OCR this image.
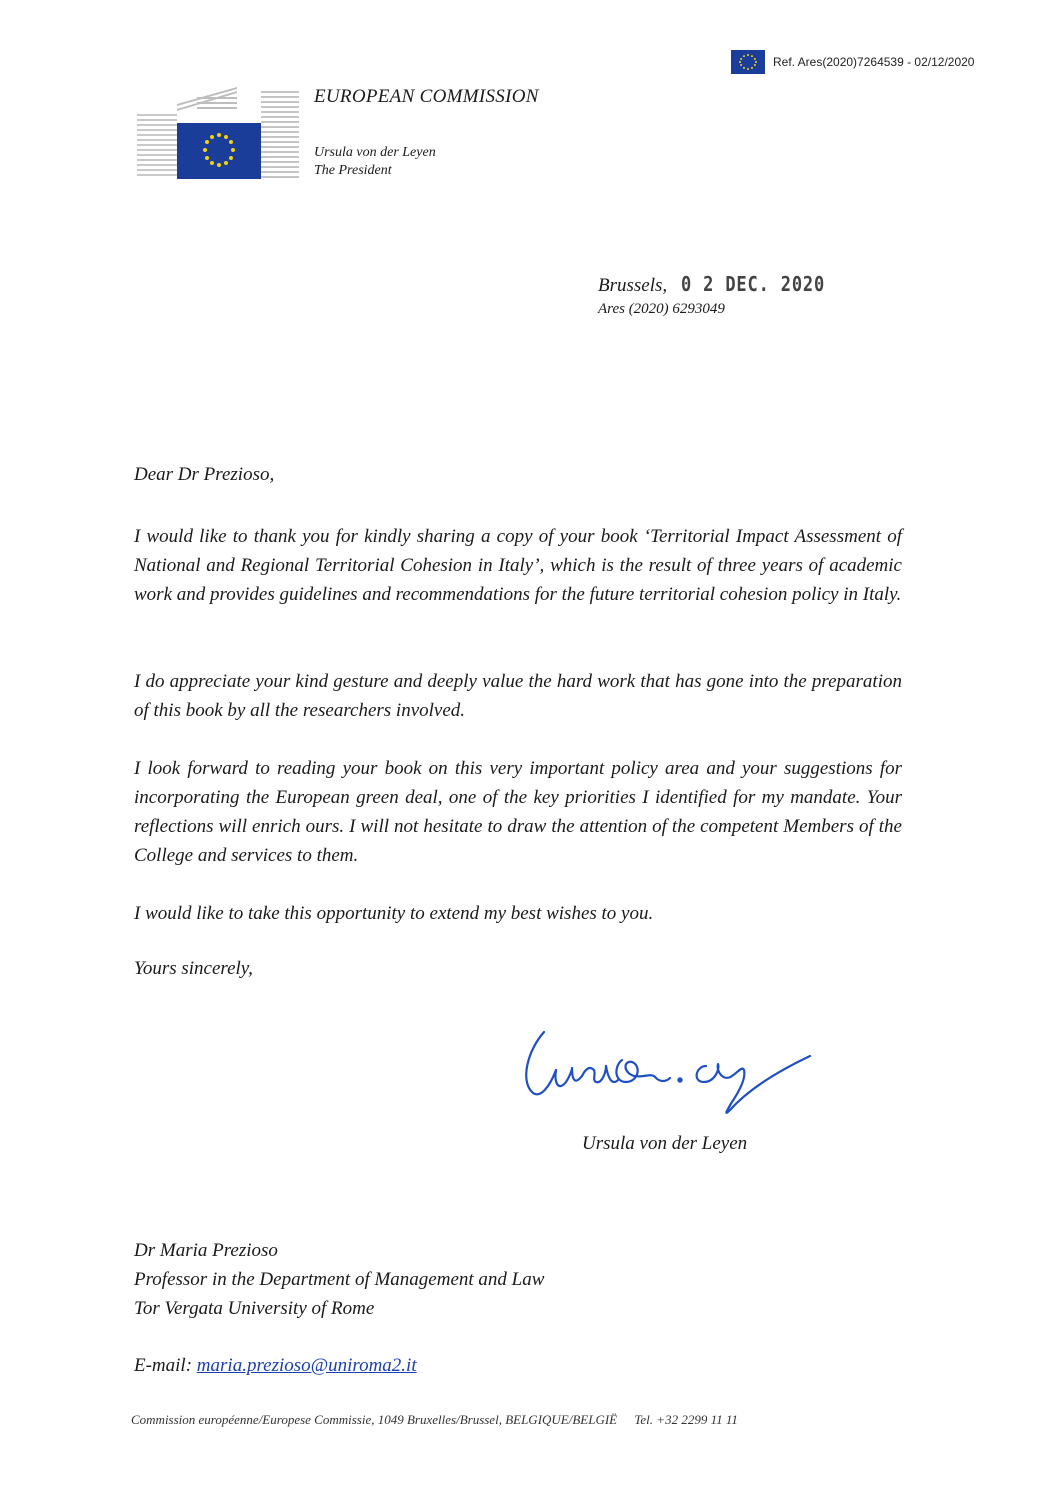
Ref. Ares(2020)7264539 - 02/12/2020
EUROPEAN COMMISSION
Ursula von der Leyen
The President
Brussels, 0 2 DEC. 2020
Ares (2020) 6293049
Dear Dr Prezioso,
I would like to thank you for kindly sharing a copy of your book ‘Territorial Impact Assessment of National and Regional Territorial Cohesion in Italy’, which is the result of three years of academic work and provides guidelines and recommendations for the future territorial cohesion policy in Italy.
I do appreciate your kind gesture and deeply value the hard work that has gone into the preparation of this book by all the researchers involved.
I look forward to reading your book on this very important policy area and your suggestions for incorporating the European green deal, one of the key priorities I identified for my mandate. Your reflections will enrich ours. I will not hesitate to draw the attention of the competent Members of the College and services to them.
I would like to take this opportunity to extend my best wishes to you.
Yours sincerely,
Ursula von der Leyen
Dr Maria Prezioso
Professor in the Department of Management and Law
Tor Vergata University of Rome
E-mail: maria.prezioso@uniroma2.it
Commission européenne/Europese Commissie, 1049 Bruxelles/Brussel, BELGIQUE/BELGIË Tel. +32 2299 11 11
